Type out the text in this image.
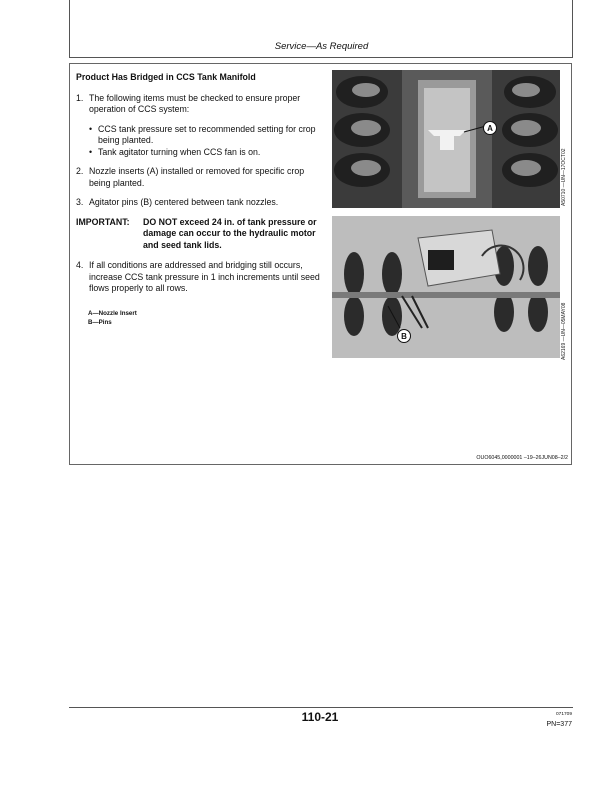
Service—As Required
Product Has Bridged in CCS Tank Manifold
1. The following items must be checked to ensure proper operation of CCS system:
• CCS tank pressure set to recommended setting for crop being planted.
• Tank agitator turning when CCS fan is on.
2. Nozzle inserts (A) installed or removed for specific crop being planted.
3. Agitator pins (B) centered between tank nozzles.
IMPORTANT:	DO NOT exceed 24 in. of tank pressure or damage can occur to the hydraulic motor and seed tank lids.
4. If all conditions are addressed and bridging still occurs, increase CCS tank pressure in 1 inch increments until seed flows properly to all rows.
A—Nozzle Insert
B—Pins
A
A50710 —UN—17OCT02
B	A62169 —UN—05MAY08
OUO6045,0000001 –19–26JUN08–2/2
110-21	071709
PN=377
